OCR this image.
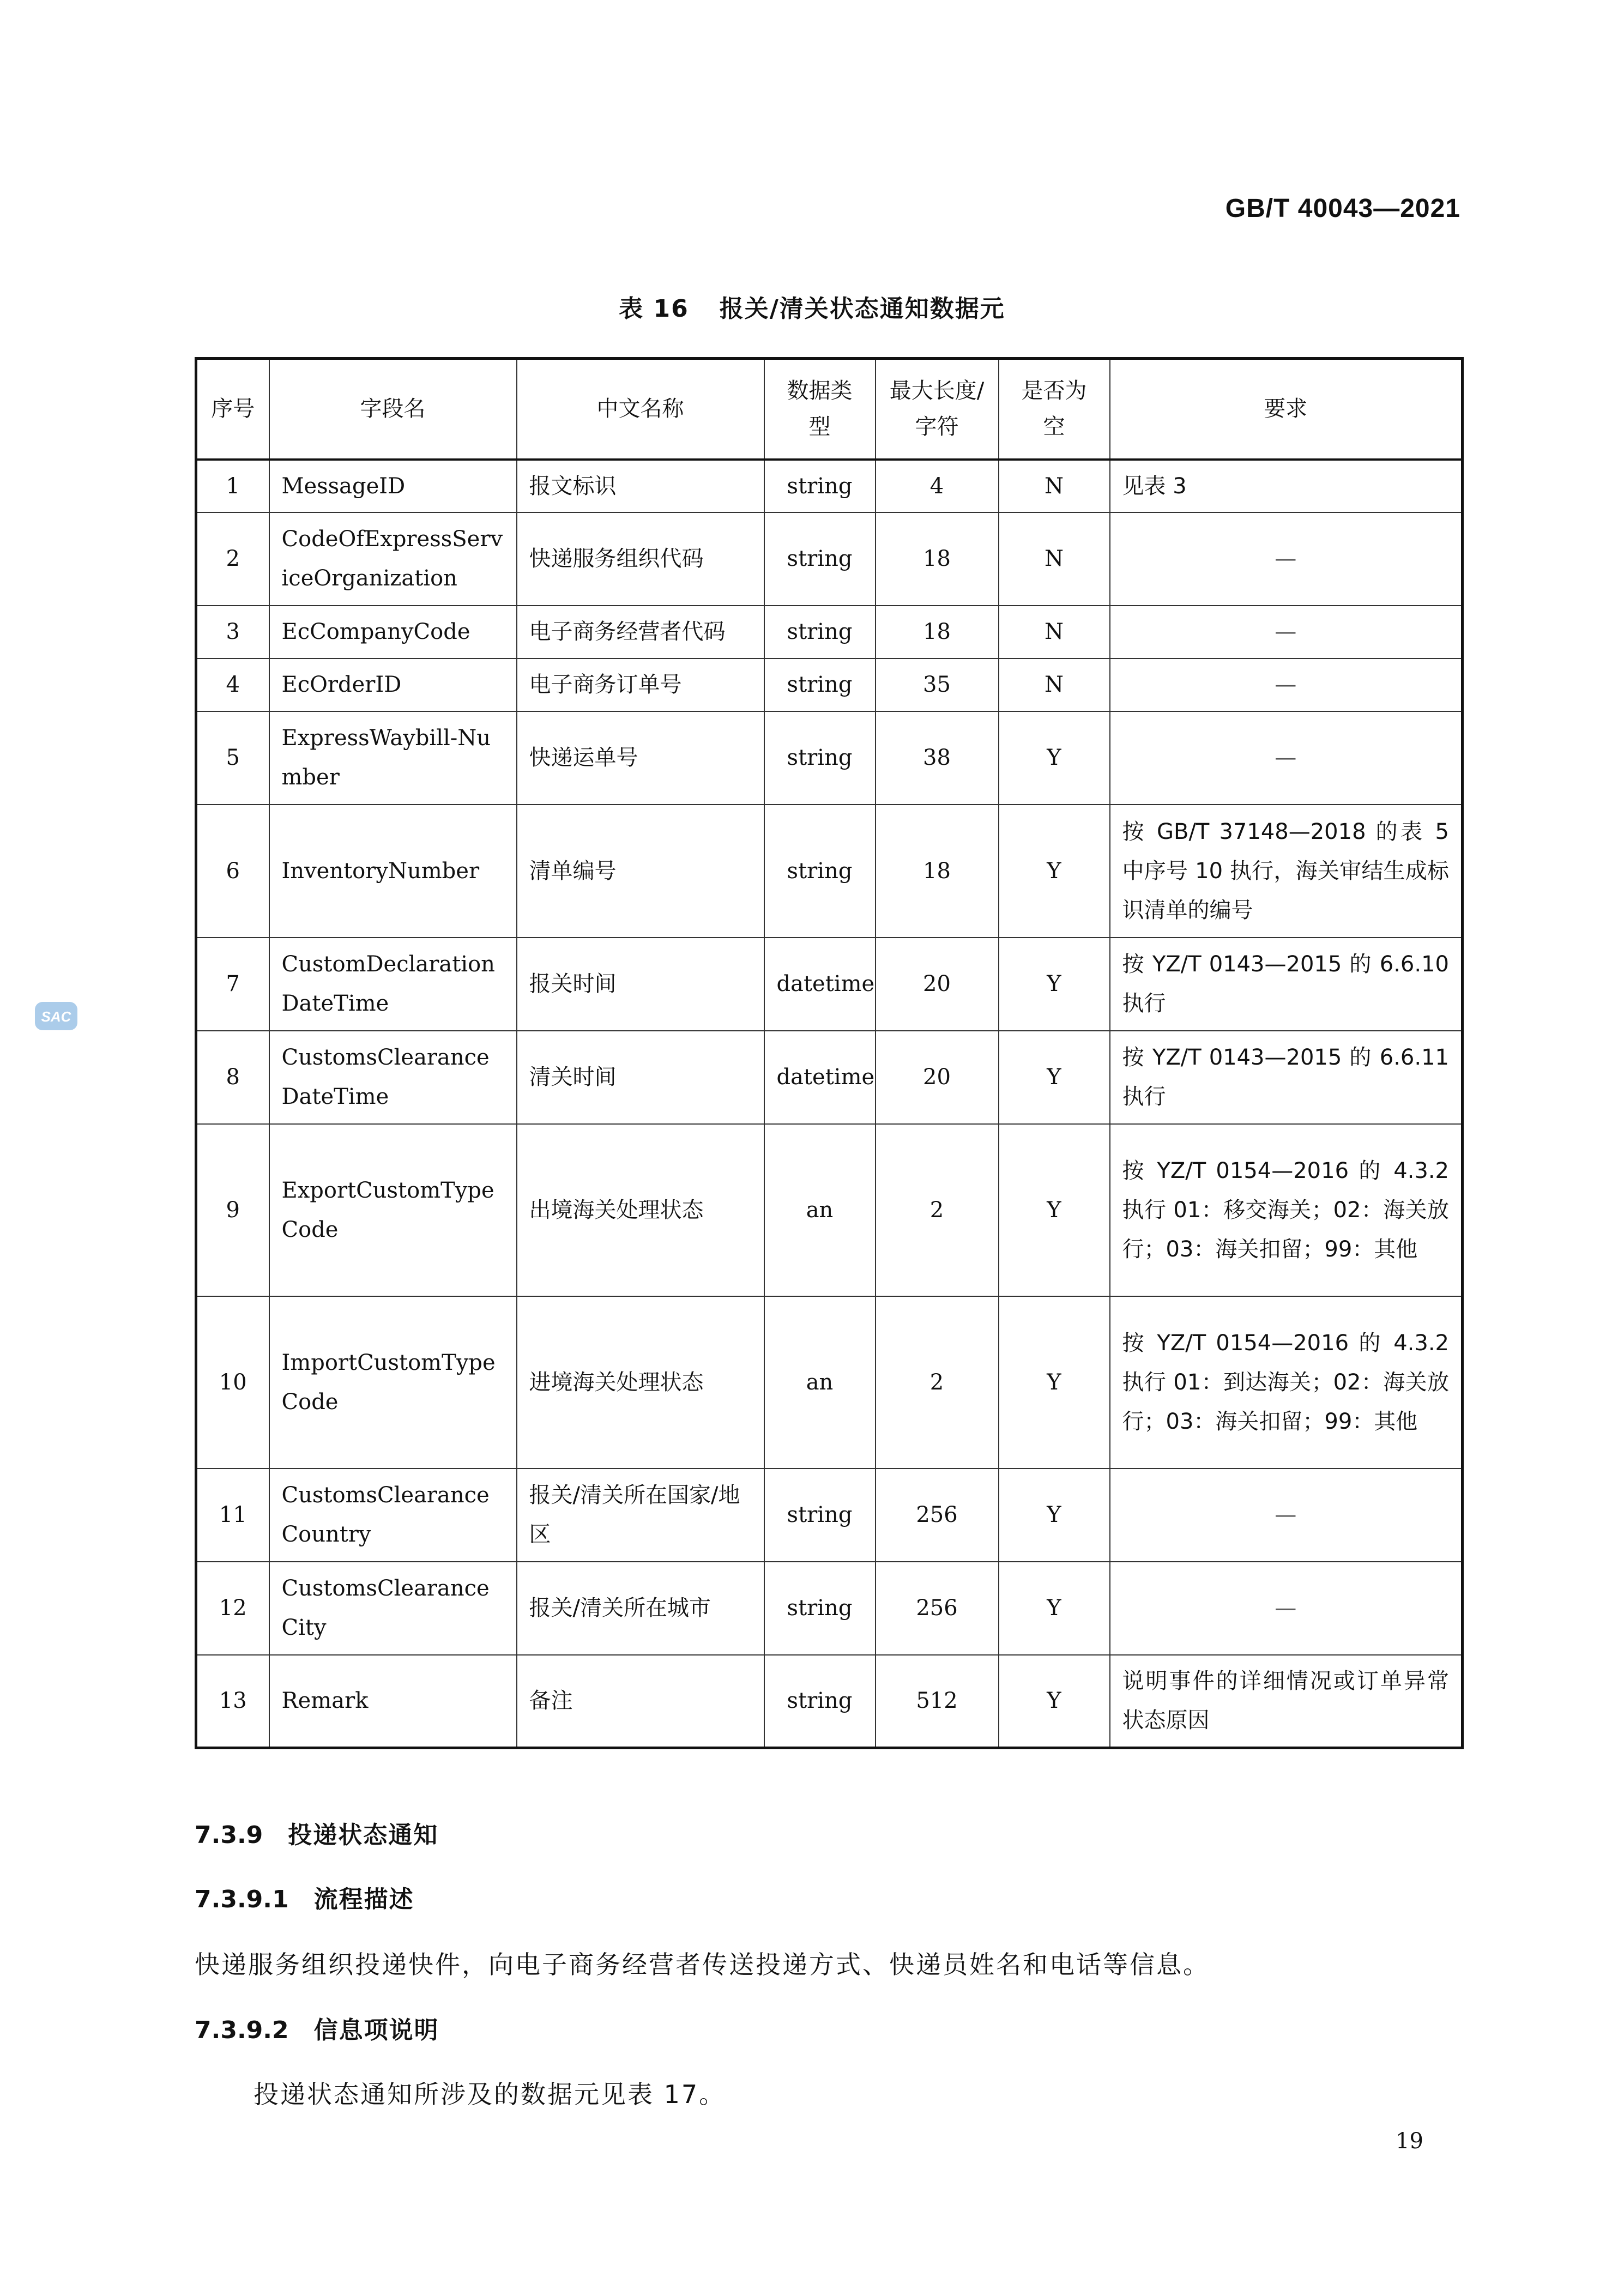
GB/T 40043—2021
表 16 报关/清关状态通知数据元
序号	字段名	中文名称	数据类型	最大长度/字符	是否为空	要求
1	MessageID	报文标识	string	4	N	见表 3
2	CodeOfExpressServiceOrganization	快递服务组织代码	string	18	N	—
3	EcCompanyCode	电子商务经营者代码	string	18	N	—
4	EcOrderID	电子商务订单号	string	35	N	—
5	ExpressWaybill-Number	快递运单号	string	38	Y	—
6	InventoryNumber	清单编号	string	18	Y	按 GB/T 37148—2018 的表 5 中序号 10 执行，海关审结生成标识清单的编号
7	CustomDeclarationDateTime	报关时间	datetime	20	Y	按 YZ/T 0143—2015 的 6.6.10 执行
8	CustomsClearanceDateTime	清关时间	datetime	20	Y	按 YZ/T 0143—2015 的 6.6.11 执行
9	ExportCustomTypeCode	出境海关处理状态	an	2	Y	按 YZ/T 0154—2016 的 4.3.2 执行 01：移交海关；02：海关放行；03：海关扣留；99：其他
10	ImportCustomTypeCode	进境海关处理状态	an	2	Y	按 YZ/T 0154—2016 的 4.3.2 执行 01：到达海关；02：海关放行；03：海关扣留；99：其他
11	CustomsClearanceCountry	报关/清关所在国家/地区	string	256	Y	—
12	CustomsClearanceCity	报关/清关所在城市	string	256	Y	—
13	Remark	备注	string	512	Y	说明事件的详细情况或订单异常状态原因
7.3.9 投递状态通知
7.3.9.1 流程描述
快递服务组织投递快件，向电子商务经营者传送投递方式、快递员姓名和电话等信息。
7.3.9.2 信息项说明
投递状态通知所涉及的数据元见表 17。
19
SAC
